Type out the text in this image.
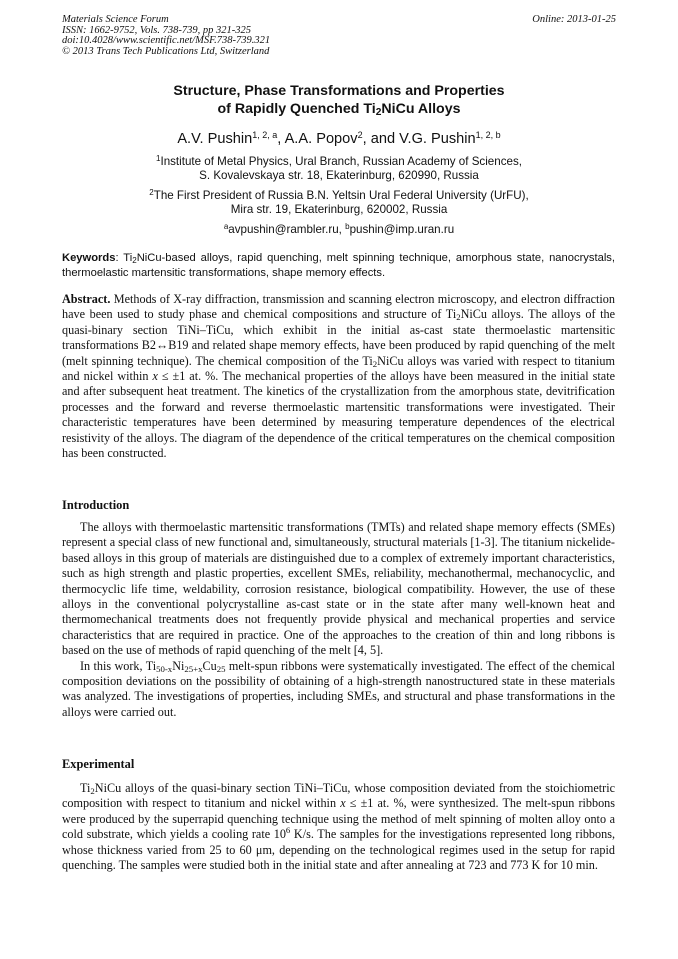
Materials Science Forum
ISSN: 1662-9752, Vols. 738-739, pp 321-325
doi:10.4028/www.scientific.net/MSF.738-739.321
© 2013 Trans Tech Publications Ltd, Switzerland
Online: 2013-01-25
Structure, Phase Transformations and Properties
of Rapidly Quenched $Ti_2NiCu$ Alloys
A.V. Pushin$^{1, 2, a}$, A.A. Popov$^2$, and V.G. Pushin$^{1, 2, b}$
$^1$Institute of Metal Physics, Ural Branch, Russian Academy of Sciences,
S. Kovalevskaya str. 18, Ekaterinburg, 620990, Russia
$^2$The First President of Russia B.N. Yeltsin Ural Federal University (UrFU),
Mira str. 19, Ekaterinburg, 620002, Russia
$^a$avpushin@rambler.ru, $^b$pushin@imp.uran.ru
Keywords: $Ti_2NiCu$-based alloys, rapid quenching, melt spinning technique, amorphous state, nanocrystals, thermoelastic martensitic transformations, shape memory effects.

Abstract. Methods of X-ray diffraction, transmission and scanning electron microscopy, and electron diffraction have been used to study phase and chemical compositions and structure of $Ti_2NiCu$ alloys. The alloys of the quasi-binary section TiNi–TiCu, which exhibit in the initial as-cast state thermoelastic martensitic transformations B2↔B19 and related shape memory effects, have been produced by rapid quenching of the melt (melt spinning technique). The chemical composition of the $Ti_2NiCu$ alloys was varied with respect to titanium and nickel within x ≤ ±1 at. %. The mechanical properties of the alloys have been measured in the initial state and after subsequent heat treatment. The kinetics of the crystallization from the amorphous state, devitrification processes and the forward and reverse thermoelastic martensitic transformations were investigated. Their characteristic temperatures have been determined by measuring temperature dependences of the electrical resistivity of the alloys. The diagram of the dependence of the critical temperatures on the chemical composition has been constructed.

Introduction

The alloys with thermoelastic martensitic transformations (TMTs) and related shape memory effects (SMEs) represent a special class of new functional and, simultaneously, structural materials [1-3]. The titanium nickelide-based alloys in this group of materials are distinguished due to a complex of extremely important characteristics, such as high strength and plastic properties, excellent SMEs, reliability, mechanothermal, mechanocyclic, and thermocyclic life time, weldability, corrosion resistance, biological compatibility. However, the use of these alloys in the conventional polycrystalline as-cast state or in the state after many well-known heat and thermomechanical treatments does not frequently provide physical and mechanical properties and service characteristics that are required in practice. One of the approaches to the creation of thin and long ribbons is based on the use of methods of rapid quenching of the melt [4, 5].

In this work, $Ti_{50-x}Ni_{25+x}Cu_{25}$ melt-spun ribbons were systematically investigated. The effect of the chemical composition deviations on the possibility of obtaining of a high-strength nanostructured state in these materials was analyzed. The investigations of properties, including SMEs, and structural and phase transformations in the alloys were carried out.

Experimental

$Ti_2NiCu$ alloys of the quasi-binary section TiNi–TiCu, whose composition deviated from the stoichiometric composition with respect to titanium and nickel within x ≤ ±1 at. %, were synthesized. The melt-spun ribbons were produced by the superrapid quenching technique using the method of melt spinning of molten alloy onto a cold substrate, which yields a cooling rate $10^6$ K/s. The samples for the investigations represented long ribbons, whose thickness varied from 25 to 60 μm, depending on the technological regimes used in the setup for rapid quenching. The samples were studied both in the initial state and after annealing at 723 and 773 K for 10 min.
